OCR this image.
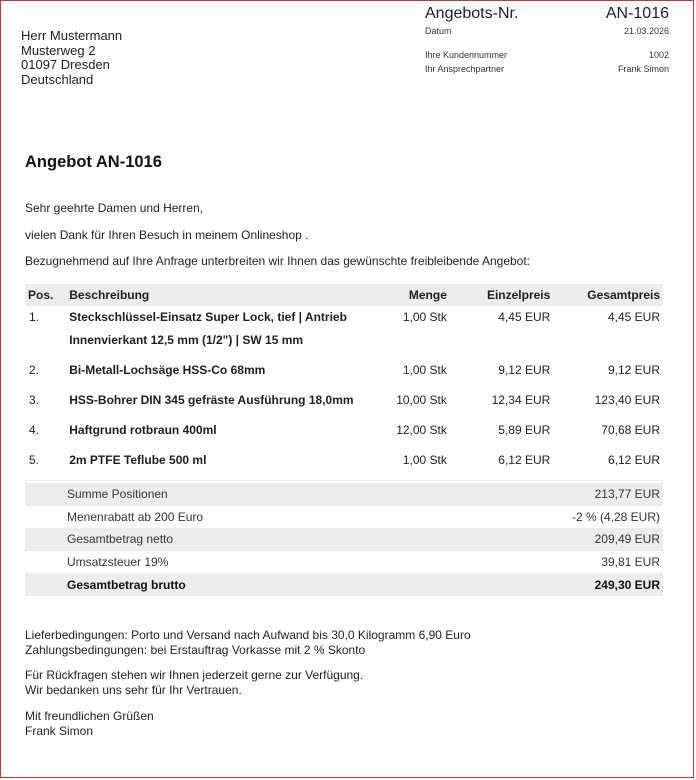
Herr Mustermann
Musterweg 2
01097 Dresden
Deutschland
Angebots-Nr.	AN-1016
Datum	21.03.2026
Ihre Kundennummer	1002
Ihr Ansprechpartner	Frank Simon
Angebot AN-1016
Sehr geehrte Damen und Herren,
vielen Dank für Ihren Besuch in meinem Onlineshop .
Bezugnehmend auf Ihre Anfrage unterbreiten wir Ihnen das gewünschte freibleibende Angebot:
Pos.	Beschreibung	Menge	Einzelpreis	Gesamtpreis
1.	Steckschlüssel-Einsatz Super Lock, tief | Antrieb Innenvierkant 12,5 mm (1/2") | SW 15 mm	1,00 Stk	4,45 EUR	4,45 EUR
2.	Bi-Metall-Lochsäge HSS-Co 68mm	1,00 Stk	9,12 EUR	9,12 EUR
3.	HSS-Bohrer DIN 345 gefräste Ausführung 18,0mm	10,00 Stk	12,34 EUR	123,40 EUR
4.	Haftgrund rotbraun 400ml	12,00 Stk	5,89 EUR	70,68 EUR
5.	2m PTFE Teflube 500 ml	1,00 Stk	6,12 EUR	6,12 EUR
Summe Positionen	213,77 EUR
Menenrabatt ab 200 Euro	-2 % (4,28 EUR)
Gesamtbetrag netto	209,49 EUR
Umsatzsteuer 19%	39,81 EUR
Gesamtbetrag brutto	249,30 EUR
Lieferbedingungen: Porto und Versand nach Aufwand bis 30,0 Kilogramm 6,90 Euro
Zahlungsbedingungen: bei Erstauftrag Vorkasse mit 2 % Skonto
Für Rückfragen stehen wir Ihnen jederzeit gerne zur Verfügung.
Wir bedanken uns sehr für Ihr Vertrauen.
Mit freundlichen Grüßen
Frank Simon
